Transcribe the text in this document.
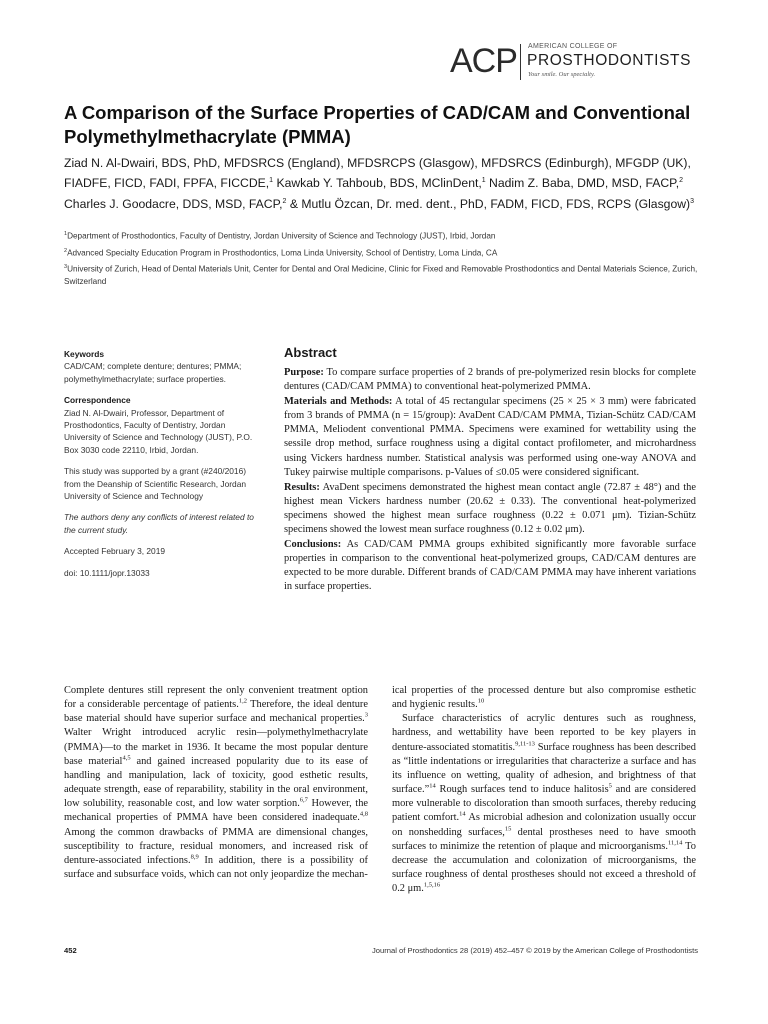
ACP AMERICAN COLLEGE OF
PROSTHODONTISTS
Your smile. Our specialty.
A Comparison of the Surface Properties of CAD/CAM and Conventional Polymethylmethacrylate (PMMA)
Ziad N. Al-Dwairi, BDS, PhD, MFDSRCS (England), MFDSRCPS (Glasgow), MFDSRCS (Edinburgh), MFGDP (UK), FIADFE, FICD, FADI, FPFA, FICCDE,$^1$ Kawkab Y. Tahboub, BDS, MClinDent,$^1$ Nadim Z. Baba, DMD, MSD, FACP,$^2$ Charles J. Goodacre, DDS, MSD, FACP,$^2$ & Mutlu Özcan, Dr. med. dent., PhD, FADM, FICD, FDS, RCPS (Glasgow)$^3$

$^1$Department of Prosthodontics, Faculty of Dentistry, Jordan University of Science and Technology (JUST), Irbid, Jordan

$^2$Advanced Specialty Education Program in Prosthodontics, Loma Linda University, School of Dentistry, Loma Linda, CA

$^3$University of Zurich, Head of Dental Materials Unit, Center for Dental and Oral Medicine, Clinic for Fixed and Removable Prosthodontics and Dental Materials Science, Zurich, Switzerland

Keywords

CAD/CAM; complete denture; dentures; PMMA; polymethylmethacrylate; surface properties.

Correspondence

Ziad N. Al-Dwairi, Professor, Department of Prosthodontics, Faculty of Dentistry, Jordan University of Science and Technology (JUST), P.O. Box 3030 code 22110, Irbid, Jordan.

This study was supported by a grant (#240/2016) from the Deanship of Scientific Research, Jordan University of Science and Technology

The authors deny any conflicts of interest related to the current study.

Accepted February 3, 2019

doi: 10.1111/jopr.13033

Abstract

Purpose: To compare surface properties of 2 brands of pre-polymerized resin blocks for complete dentures (CAD/CAM PMMA) to conventional heat-polymerized PMMA.

Materials and Methods: A total of 45 rectangular specimens (25 × 25 × 3 mm) were fabricated from 3 brands of PMMA (n = 15/group): AvaDent CAD/CAM PMMA, Tizian-Schütz CAD/CAM PMMA, Meliodent conventional PMMA. Specimens were examined for wettability using the sessile drop method, surface roughness using a digital contact profilometer, and microhardness using Vickers hardness number. Statistical analysis was performed using one-way ANOVA and Tukey pairwise multiple comparisons. p-Values of ≤0.05 were considered significant.

Results: AvaDent specimens demonstrated the highest mean contact angle (72.87 ± 48°) and the highest mean Vickers hardness number (20.62 ± 0.33). The conventional heat-polymerized specimens showed the highest mean surface roughness (0.22 ± 0.071 μm). Tizian-Schütz specimens showed the lowest mean surface roughness (0.12 ± 0.02 μm).

Conclusions: As CAD/CAM PMMA groups exhibited significantly more favorable surface properties in comparison to the conventional heat-polymerized groups, CAD/CAM dentures are expected to be more durable. Different brands of CAD/CAM PMMA may have inherent variations in surface properties.

Complete dentures still represent the only convenient treatment option for a considerable percentage of patients.$^{1,2}$ Therefore, the ideal denture base material should have superior surface and mechanical properties.$^3$ Walter Wright introduced acrylic resin—polymethylmethacrylate (PMMA)—to the market in 1936. It became the most popular denture base material$^{4,5}$ and gained increased popularity due to its ease of handling and manipulation, lack of toxicity, good esthetic results, adequate strength, ease of reparability, stability in the oral environment, low solubility, reasonable cost, and low water sorption.$^{6,7}$ However, the mechanical properties of PMMA have been considered inadequate.$^{4,8}$ Among the common drawbacks of PMMA are dimensional changes, susceptibility to fracture, residual monomers, and increased risk of denture-associated infections.$^{8,9}$ In addition, there is a possibility of surface and subsurface voids, which can not only jeopardize the mechan-

ical properties of the processed denture but also compromise esthetic and hygienic results.$^{10}$

Surface characteristics of acrylic dentures such as roughness, hardness, and wettability have been reported to be key players in denture-associated stomatitis.$^{9,11-13}$ Surface roughness has been described as “little indentations or irregularities that characterize a surface and has its influence on wetting, quality of adhesion, and brightness of that surface.”$^{14}$ Rough surfaces tend to induce halitosis$^5$ and are considered more vulnerable to discoloration than smooth surfaces, thereby reducing patient comfort.$^{14}$ As microbial adhesion and colonization usually occur on nonshedding surfaces,$^{15}$ dental prostheses need to have smooth surfaces to minimize the retention of plaque and microorganisms.$^{11,14}$ To decrease the accumulation and colonization of microorganisms, the surface roughness of dental prostheses should not exceed a threshold of 0.2 μm.$^{1,5,16}$

452	Journal of Prosthodontics 28 (2019) 452–457 © 2019 by the American College of Prosthodontists
